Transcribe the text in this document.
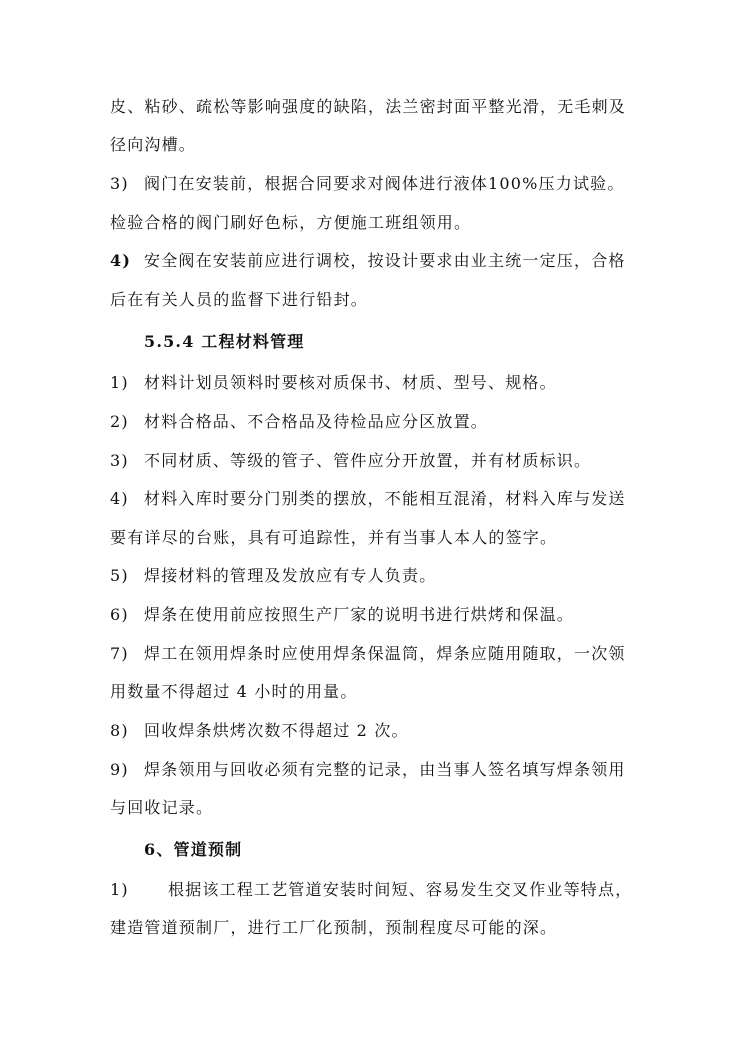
皮、粘砂、疏松等影响强度的缺陷，法兰密封面平整光滑，无毛刺及
径向沟槽。
3) 阀门在安装前，根据合同要求对阀体进行液体100%压力试验。
检验合格的阀门刷好色标，方便施工班组领用。
4) 安全阀在安装前应进行调校，按设计要求由业主统一定压，合格
后在有关人员的监督下进行铅封。
5.5.4 工程材料管理
1) 材料计划员领料时要核对质保书、材质、型号、规格。
2) 材料合格品、不合格品及待检品应分区放置。
3) 不同材质、等级的管子、管件应分开放置，并有材质标识。
4) 材料入库时要分门别类的摆放，不能相互混淆，材料入库与发送
要有详尽的台账，具有可追踪性，并有当事人本人的签字。
5) 焊接材料的管理及发放应有专人负责。
6) 焊条在使用前应按照生产厂家的说明书进行烘烤和保温。
7) 焊工在领用焊条时应使用焊条保温筒，焊条应随用随取，一次领
用数量不得超过 4 小时的用量。
8) 回收焊条烘烤次数不得超过 2 次。
9) 焊条领用与回收必须有完整的记录，由当事人签名填写焊条领用
与回收记录。
6、管道预制
1) 根据该工程工艺管道安装时间短、容易发生交叉作业等特点，
建造管道预制厂，进行工厂化预制，预制程度尽可能的深。
